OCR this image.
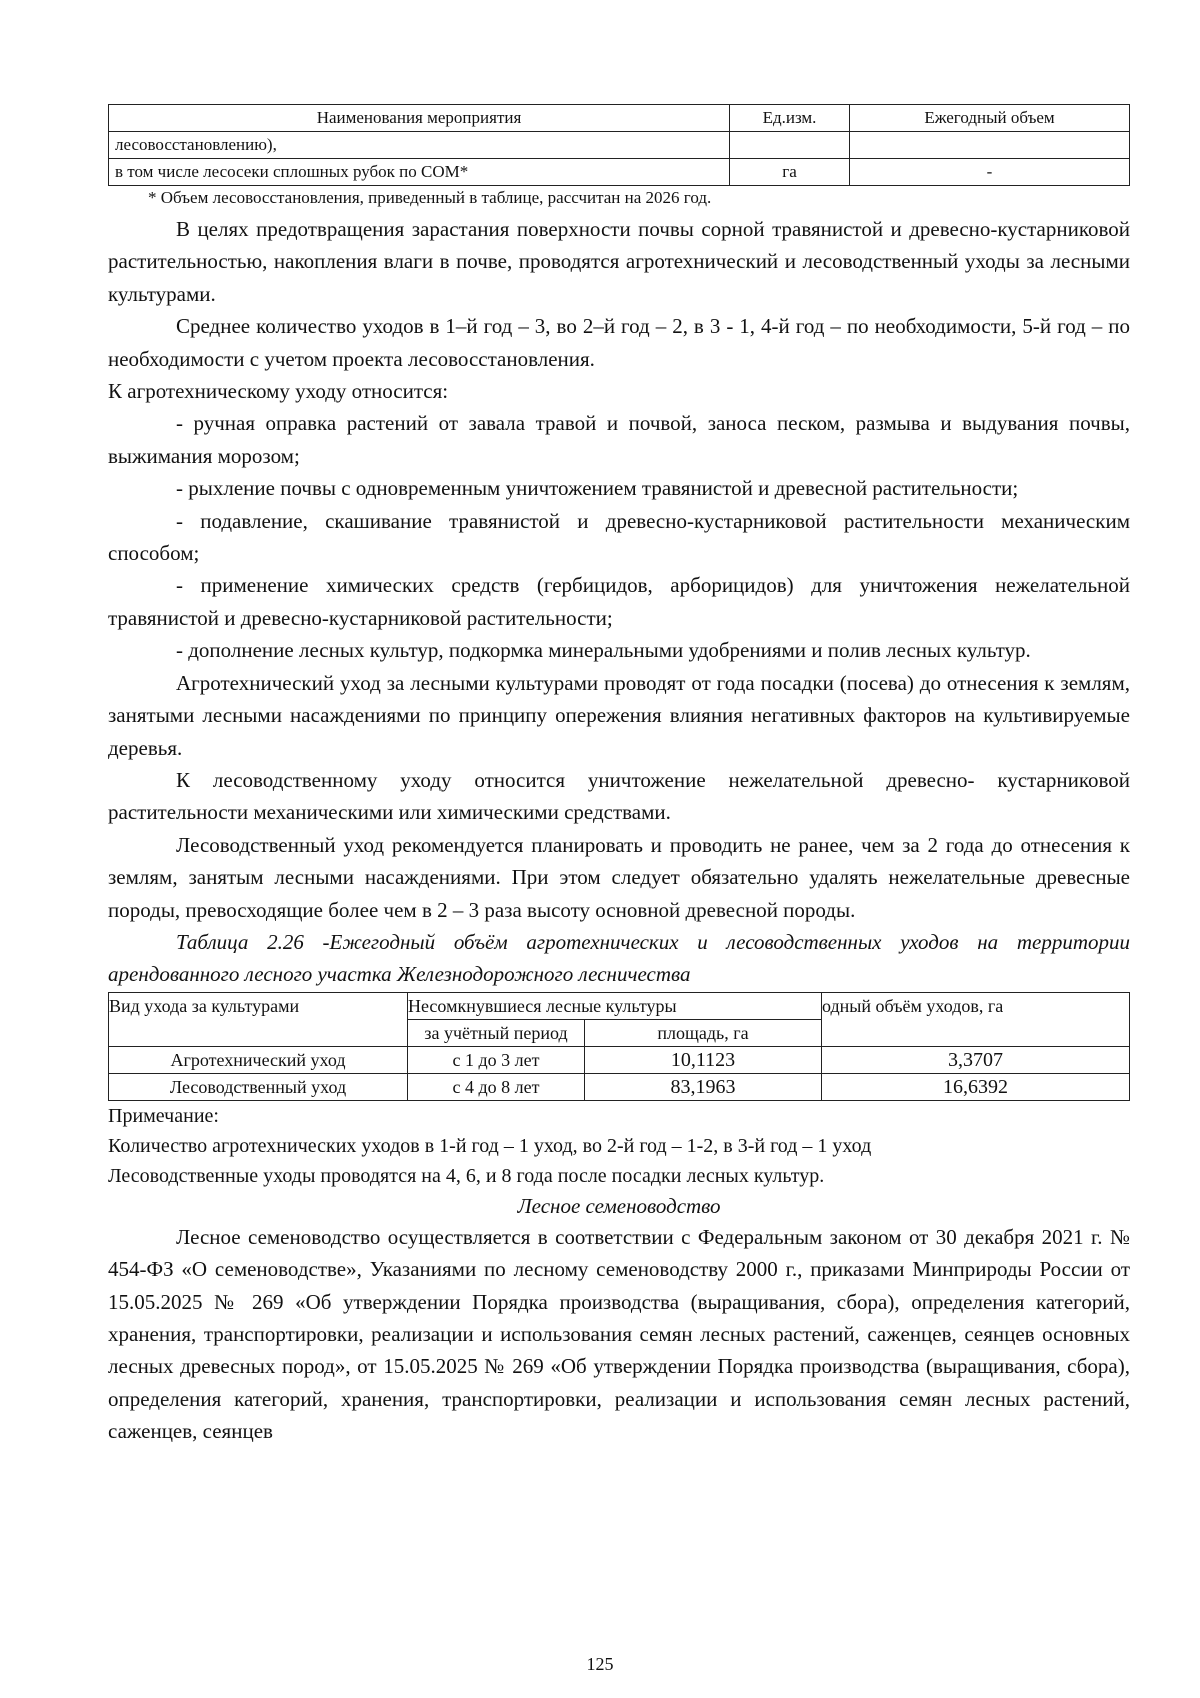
Наименования мероприятия	Ед.изм.	Ежегодный объем
лесовосстановлению),		
в том числе лесосеки сплошных рубок по СОМ*	га	-
* Объем лесовосстановления, приведенный в таблице, рассчитан на 2026 год.

В целях предотвращения зарастания поверхности почвы сорной травянистой и древесно-кустарниковой растительностью, накопления влаги в почве, проводятся агротехнический и лесоводственный уходы за лесными культурами.

Среднее количество уходов в 1–й год – 3, во 2–й год – 2, в 3 - 1, 4-й год – по необходимости, 5-й год – по необходимости с учетом проекта лесовосстановления.

К агротехническому уходу относится:

- ручная оправка растений от завала травой и почвой, заноса песком, размыва и выдувания почвы, выжимания морозом;

- рыхление почвы с одновременным уничтожением травянистой и древесной растительности;

- подавление, скашивание травянистой и древесно-кустарниковой растительности механическим способом;

- применение химических средств (гербицидов, арборицидов) для уничтожения нежелательной травянистой и древесно-кустарниковой растительности;

- дополнение лесных культур, подкормка минеральными удобрениями и полив лесных культур.

Агротехнический уход за лесными культурами проводят от года посадки (посева) до отнесения к землям, занятыми лесными насаждениями по принципу опережения влияния негативных факторов на культивируемые деревья.

К лесоводственному уходу относится уничтожение нежелательной древесно- кустарниковой растительности механическими или химическими средствами.

Лесоводственный уход рекомендуется планировать и проводить не ранее, чем за 2 года до отнесения к землям, занятым лесными насаждениями. При этом следует обязательно удалять нежелательные древесные породы, превосходящие более чем в 2 – 3 раза высоту основной древесной породы.

Таблица 2.26 -Ежегодный объём агротехнических и лесоводственных уходов на территории арендованного лесного участка Железнодорожного лесничества

Вид ухода за культурами	Несомкнувшиеся лесные культуры		одный объём уходов, га
	за учётный период	площадь, га	
Агротехнический уход	с 1 до 3 лет	10,1123	3,3707
Лесоводственный уход	с 4 до 8 лет	83,1963	16,6392

Примечание:

Количество агротехнических уходов в 1-й год – 1 уход, во 2-й год – 1-2, в 3-й год – 1 уход

Лесоводственные уходы проводятся на 4, 6, и 8 года после посадки лесных культур.

Лесное семеноводство

Лесное семеноводство осуществляется в соответствии с Федеральным законом от 30 декабря 2021 г. № 454-ФЗ «О семеноводстве», Указаниями по лесному семеноводству 2000 г., приказами Минприроды России от 15.05.2025 № 269 «Об утверждении Порядка производства (выращивания, сбора), определения категорий, хранения, транспортировки, реализации и использования семян лесных растений, саженцев, сеянцев основных лесных древесных пород», от 15.05.2025 № 269 «Об утверждении Порядка производства (выращивания, сбора), определения категорий, хранения, транспортировки, реализации и использования семян лесных растений, саженцев, сеянцев

125
